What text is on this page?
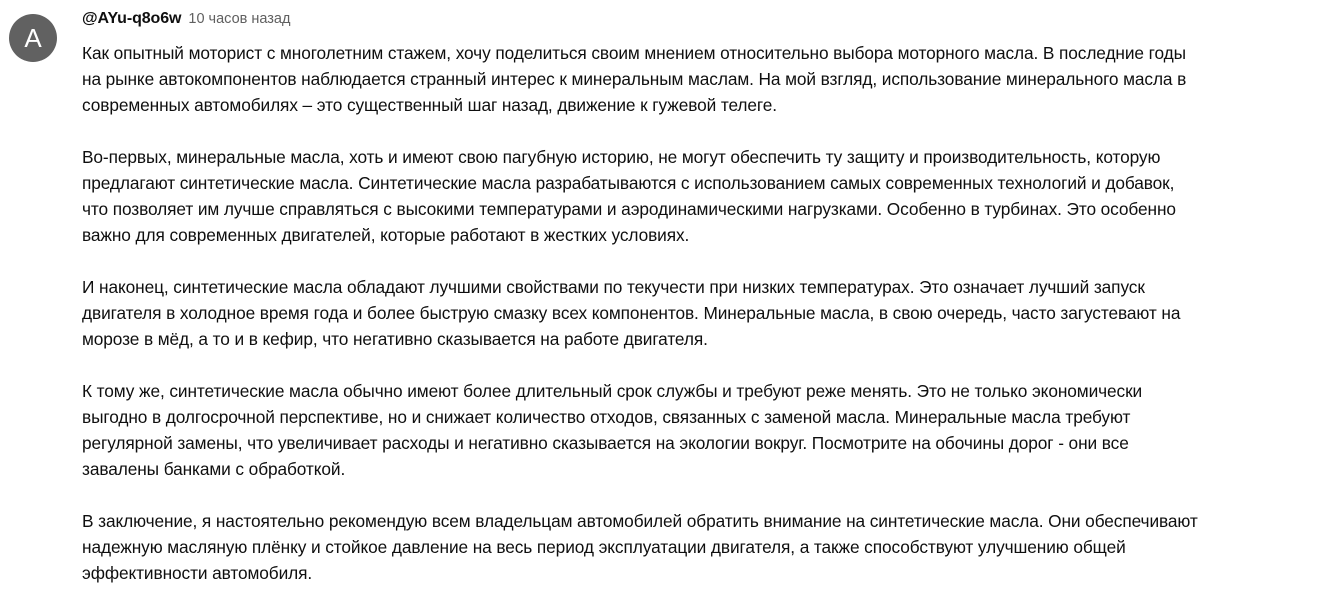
A
@AYu-q8o6w 10 часов назад

Как опытный моторист с многолетним стажем, хочу поделиться своим мнением относительно выбора моторного масла. В последние годы
на рынке автокомпонентов наблюдается странный интерес к минеральным маслам. На мой взгляд, использование минерального масла в
современных автомобилях – это существенный шаг назад, движение к гужевой телеге.

Во-первых, минеральные масла, хоть и имеют свою пагубную историю, не могут обеспечить ту защиту и производительность, которую
предлагают синтетические масла. Синтетические масла разрабатываются с использованием самых современных технологий и добавок,
что позволяет им лучше справляться с высокими температурами и аэродинамическими нагрузками. Особенно в турбинах. Это особенно
важно для современных двигателей, которые работают в жестких условиях.

И наконец, синтетические масла обладают лучшими свойствами по текучести при низких температурах. Это означает лучший запуск
двигателя в холодное время года и более быструю смазку всех компонентов. Минеральные масла, в свою очередь, часто загустевают на
морозе в мёд, а то и в кефир, что негативно сказывается на работе двигателя.

К тому же, синтетические масла обычно имеют более длительный срок службы и требуют реже менять. Это не только экономически
выгодно в долгосрочной перспективе, но и снижает количество отходов, связанных с заменой масла. Минеральные масла требуют
регулярной замены, что увеличивает расходы и негативно сказывается на экологии вокруг. Посмотрите на обочины дорог - они все
завалены банками с обработкой.

В заключение, я настоятельно рекомендую всем владельцам автомобилей обратить внимание на синтетические масла. Они обеспечивают
надежную масляную плёнку и стойкое давление на весь период эксплуатации двигателя, а также способствуют улучшению общей
эффективности автомобиля.
